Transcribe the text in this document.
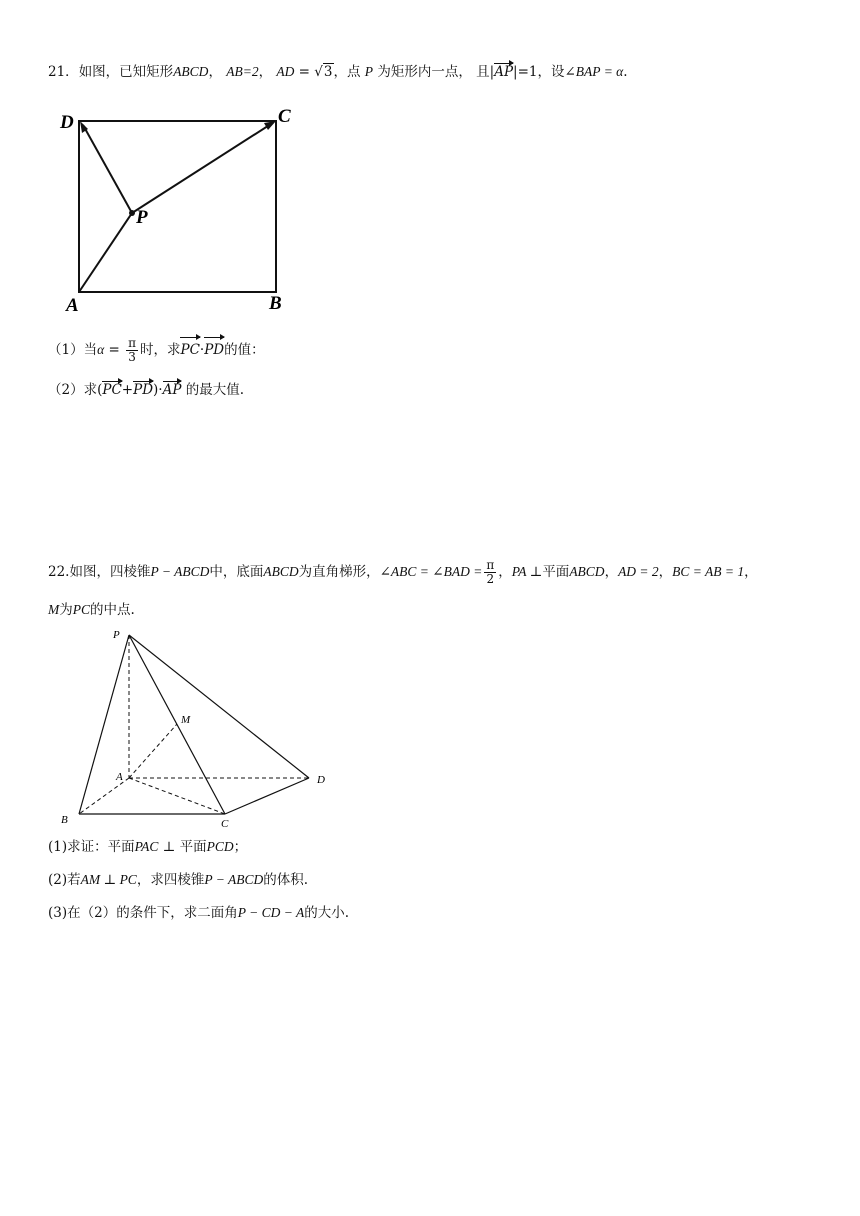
21．如图，已知矩形ABCD， AB=2， AD = √3，点 P 为矩形内一点， 且|AP|=1，设∠BAP = α.
D	C
P
A	B
（1）当$\alpha = \frac{\pi}{3}$ 时，求PC·PD的值：
（2）求(PC+PD)·AP 的最大值.
22.如图，四棱锥P − ABCD中，底面ABCD为直角梯形，∠ABC = ∠BAD = $\frac{\pi}{2}$ ，PA ⊥平面ABCD，AD = 2，BC = AB = 1，
M为PC的中点.
P
M
A
B	C
D
(1)求证：平面PAC ⊥ 平面PCD；
(2)若AM ⊥ PC，求四棱锥P − ABCD的体积.
(3)在（2）的条件下，求二面角P − CD − A的大小.
